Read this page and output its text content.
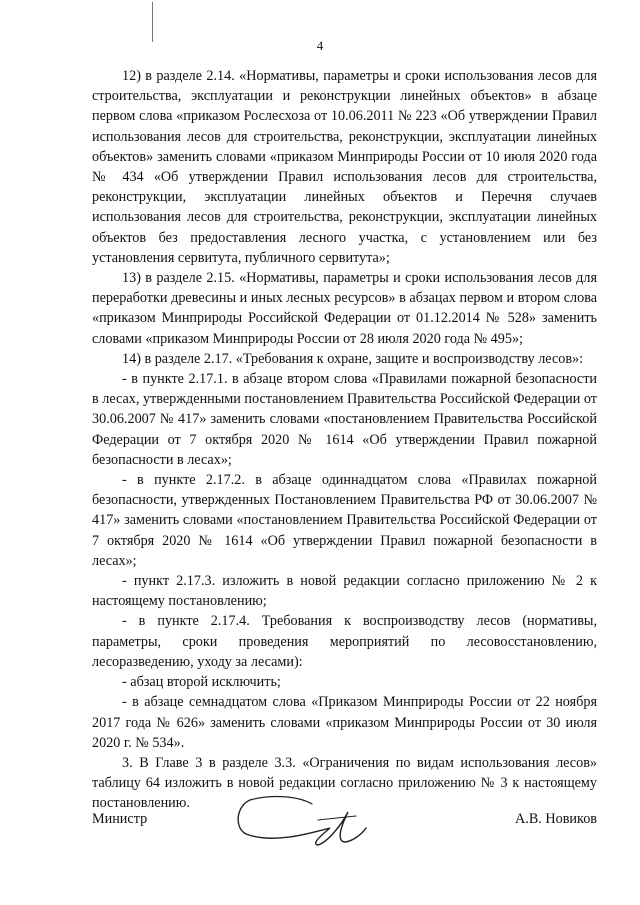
4

12) в разделе 2.14. «Нормативы, параметры и сроки использования лесов для строительства, эксплуатации и реконструкции линейных объектов» в абзаце первом слова «приказом Рослесхоза от 10.06.2011 № 223 «Об утверждении Правил использования лесов для строительства, реконструкции, эксплуатации линейных объектов» заменить словами «приказом Минприроды России от 10 июля 2020 года № 434 «Об утверждении Правил использования лесов для строительства, реконструкции, эксплуатации линейных объектов и Перечня случаев использования лесов для строительства, реконструкции, эксплуатации линейных объектов без предоставления лесного участка, с установлением или без установления сервитута, публичного сервитута»;

13) в разделе 2.15. «Нормативы, параметры и сроки использования лесов для переработки древесины и иных лесных ресурсов» в абзацах первом и втором слова «приказом Минприроды Российской Федерации от 01.12.2014 № 528» заменить словами «приказом Минприроды России от 28 июля 2020 года № 495»;

14) в разделе 2.17. «Требования к охране, защите и воспроизводству лесов»:

- в пункте 2.17.1. в абзаце втором слова «Правилами пожарной безопасности в лесах, утвержденными постановлением Правительства Российской Федерации от 30.06.2007 № 417» заменить словами «постановлением Правительства Российской Федерации от 7 октября 2020 № 1614 «Об утверждении Правил пожарной безопасности в лесах»;

- в пункте 2.17.2. в абзаце одиннадцатом слова «Правилах пожарной безопасности, утвержденных Постановлением Правительства РФ от 30.06.2007 № 417» заменить словами «постановлением Правительства Российской Федерации от 7 октября 2020 № 1614 «Об утверждении Правил пожарной безопасности в лесах»;

- пункт 2.17.3. изложить в новой редакции согласно приложению № 2 к настоящему постановлению;

- в пункте 2.17.4. Требования к воспроизводству лесов (нормативы, параметры, сроки проведения мероприятий по лесовосстановлению, лесоразведению, уходу за лесами):

- абзац второй исключить;

- в абзаце семнадцатом слова «Приказом Минприроды России от 22 ноября 2017 года № 626» заменить словами «приказом Минприроды России от 30 июля 2020 г. № 534».

3. В Главе 3 в разделе 3.3. «Ограничения по видам использования лесов» таблицу 64 изложить в новой редакции согласно приложению № 3 к настоящему постановлению.

Министр	А.В. Новиков
